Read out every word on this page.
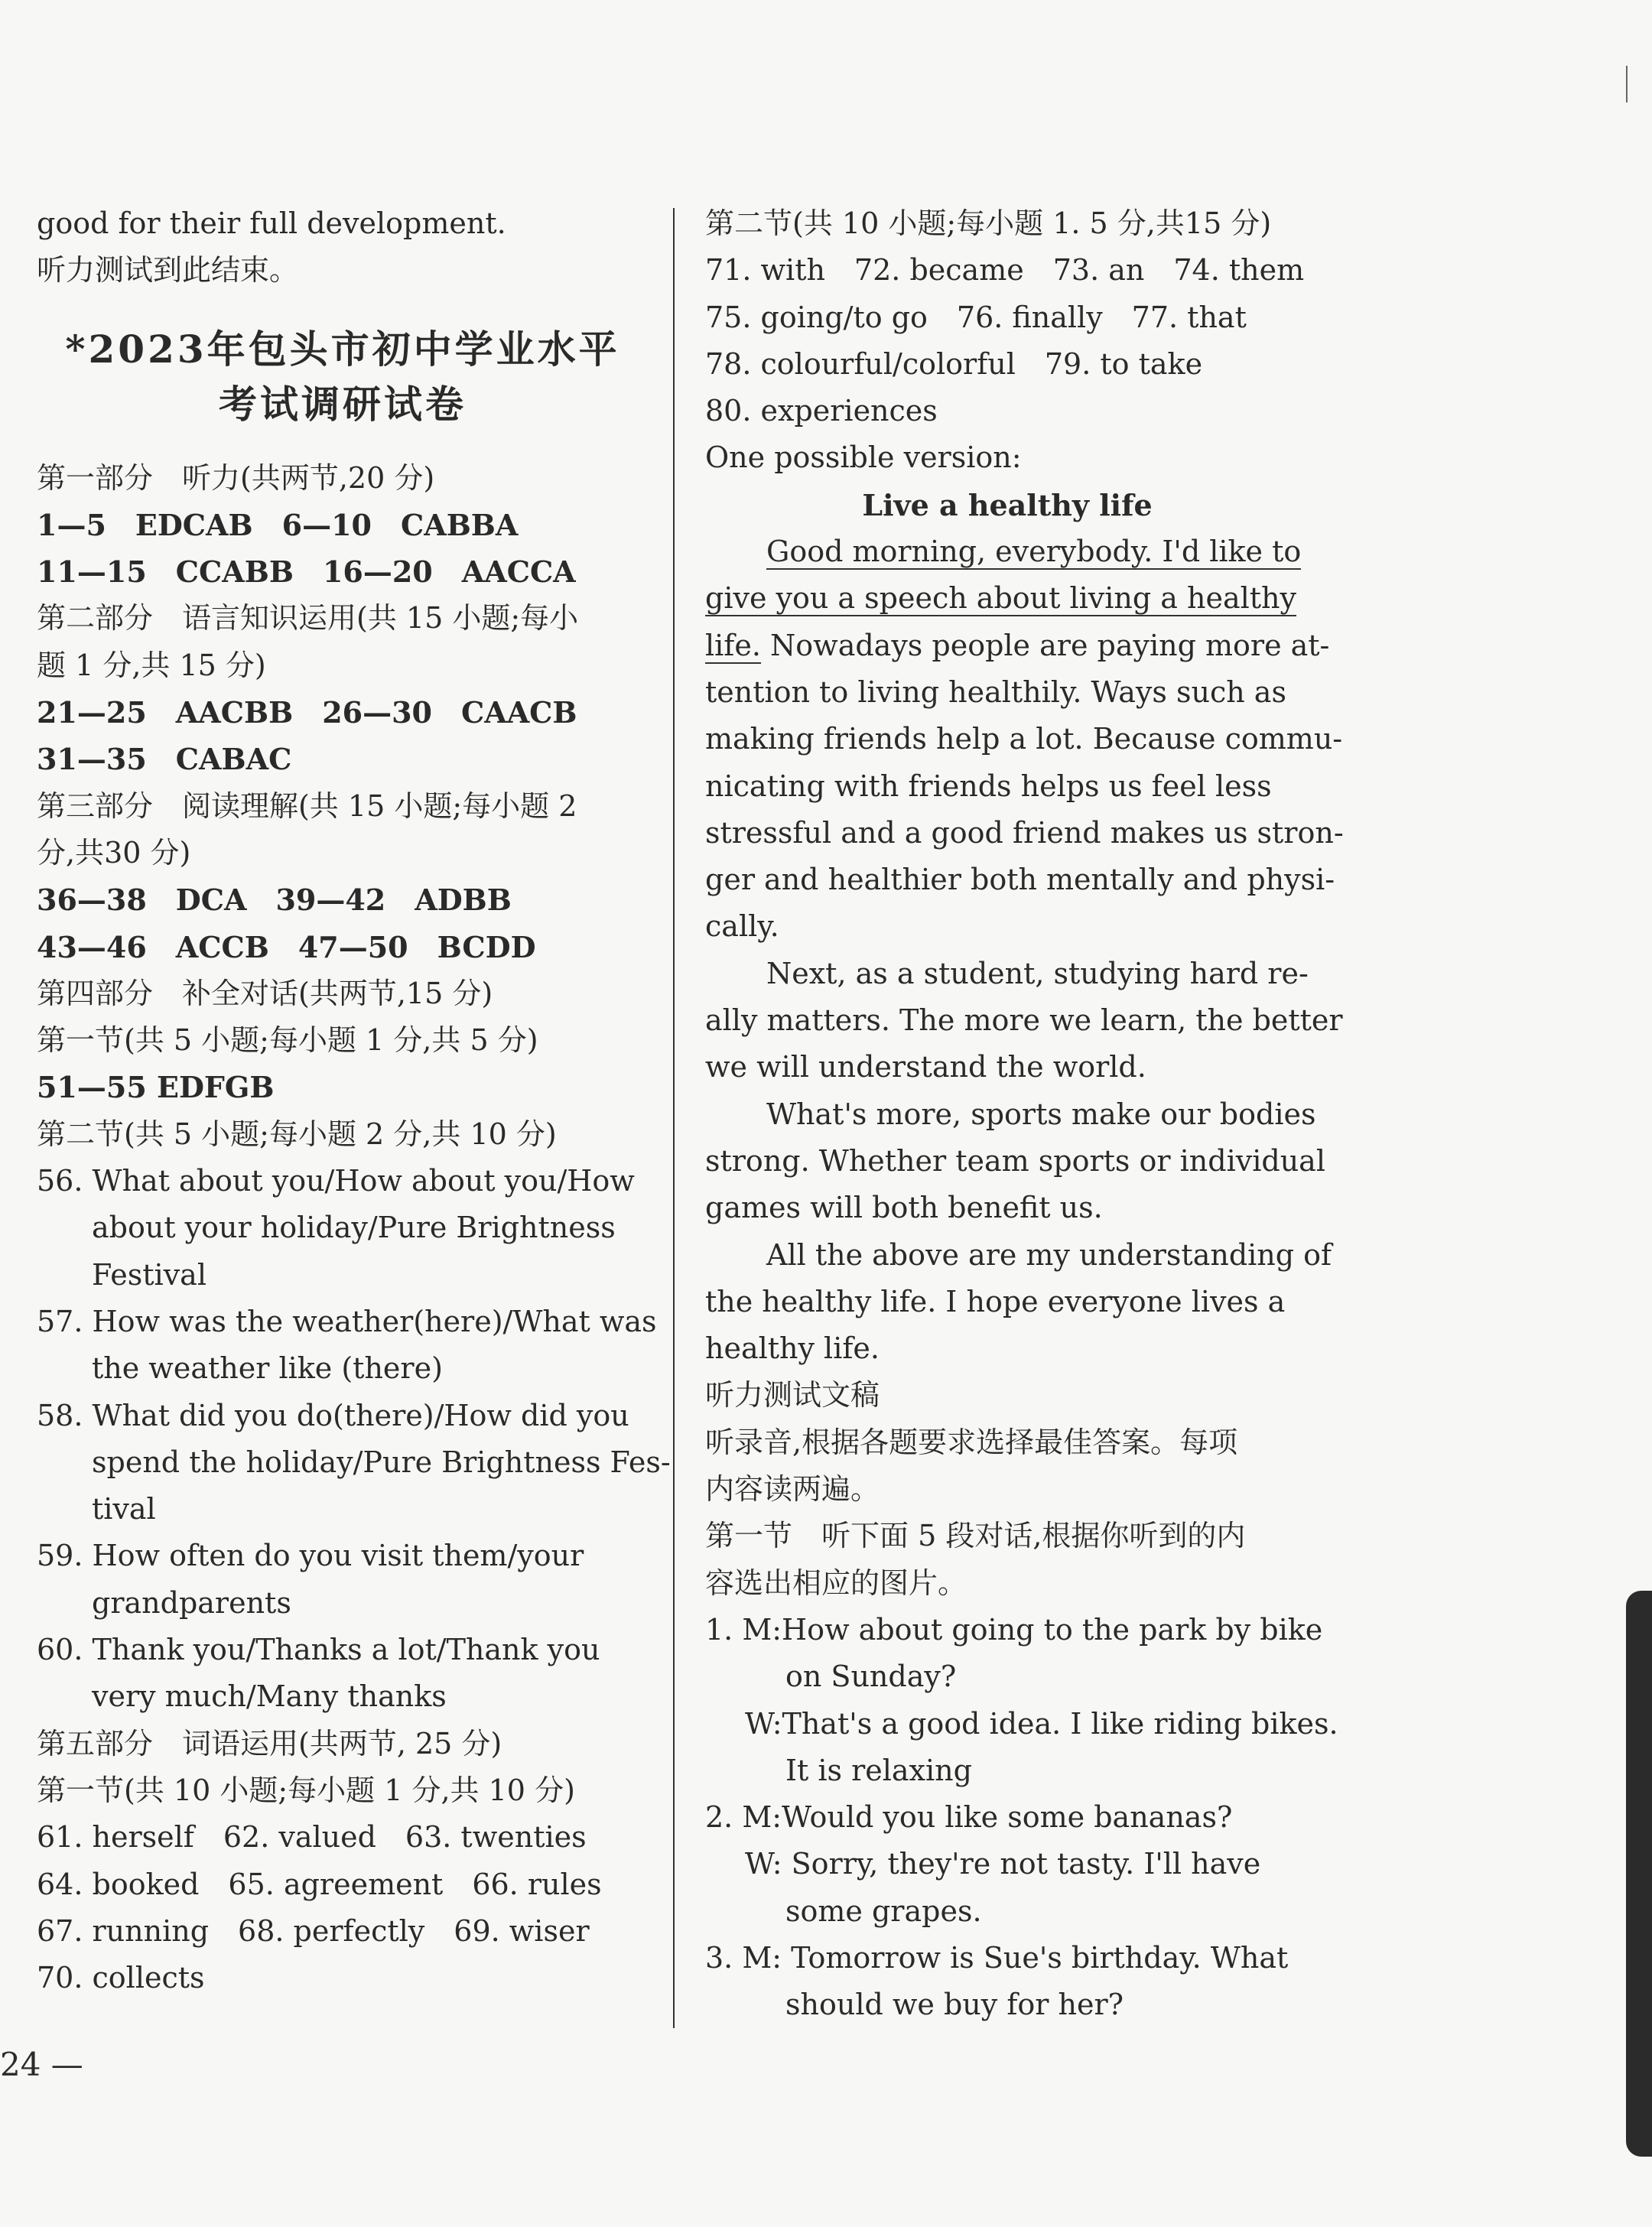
good for their full development.
听力测试到此结束。
*2023年包头市初中学业水平
考试调研试卷
第一部分　听力(共两节,20 分)
1—5　EDCAB　6—10　CABBA
11—15　CCABB　16—20　AACCA
第二部分　语言知识运用(共 15 小题;每小
题 1 分,共 15 分)
21—25　AACBB　26—30　CAACB
31—35　CABAC
第三部分　阅读理解(共 15 小题;每小题 2
分,共30 分)
36—38　DCA　39—42　ADBB
43—46　ACCB　47—50　BCDD
第四部分　补全对话(共两节,15 分)
第一节(共 5 小题;每小题 1 分,共 5 分)
51—55 EDFGB
第二节(共 5 小题;每小题 2 分,共 10 分)
56. What about you/How about you/How
about your holiday/Pure Brightness
Festival
57. How was the weather(here)/What was
the weather like (there)
58. What did you do(there)/How did you
spend the holiday/Pure Brightness Fes-
tival
59. How often do you visit them/your
grandparents
60. Thank you/Thanks a lot/Thank you
very much/Many thanks
第五部分　词语运用(共两节, 25 分)
第一节(共 10 小题;每小题 1 分,共 10 分)
61. herself　62. valued　63. twenties
64. booked　65. agreement　66. rules
67. running　68. perfectly　69. wiser
70. collects
第二节(共 10 小题;每小题 1. 5 分,共15 分)
71. with　72. became　73. an　74. them
75. going/to go　76. finally　77. that
78. colourful/colorful　79. to take
80. experiences
One possible version:
Live a healthy life
Good morning, everybody. I'd like to
give you a speech about living a healthy
life. Nowadays people are paying more at-
tention to living healthily. Ways such as
making friends help a lot. Because commu-
nicating with friends helps us feel less
stressful and a good friend makes us stron-
ger and healthier both mentally and physi-
cally.
Next, as a student, studying hard re-
ally matters. The more we learn, the better
we will understand the world.
What's more, sports make our bodies
strong. Whether team sports or individual
games will both benefit us.
All the above are my understanding of
the healthy life. I hope everyone lives a
healthy life.
听力测试文稿
听录音,根据各题要求选择最佳答案。每项
内容读两遍。
第一节　听下面 5 段对话,根据你听到的内
容选出相应的图片。
1. M:How about going to the park by bike
on Sunday?
W:That's a good idea. I like riding bikes.
It is relaxing
2. M:Would you like some bananas?
W: Sorry, they're not tasty. I'll have
some grapes.
3. M: Tomorrow is Sue's birthday. What
should we buy for her?
24 —
